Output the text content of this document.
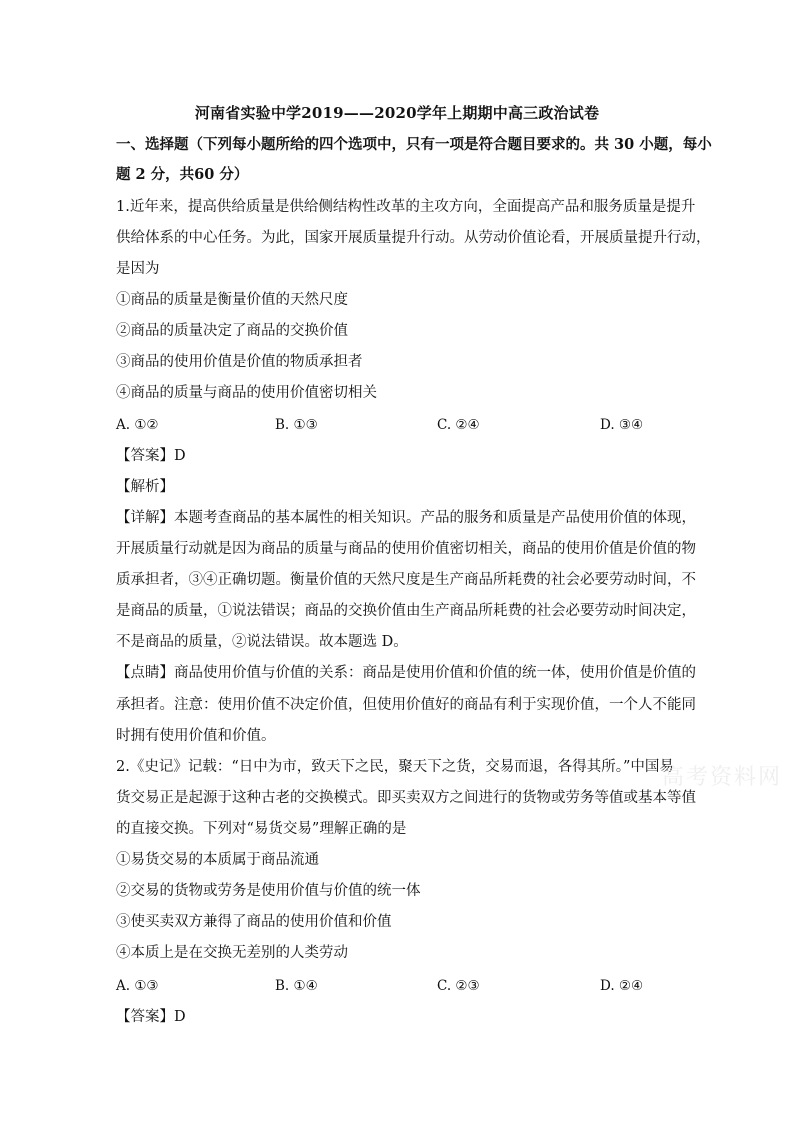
河南省实验中学2019——2020学年上期期中高三政治试卷
一、选择题（下列每小题所给的四个选项中，只有一项是符合题目要求的。共 30 小题，每小
题 2 分，共60 分）
1.近年来，提高供给质量是供给侧结构性改革的主攻方向，全面提高产品和服务质量是提升
供给体系的中心任务。为此，国家开展质量提升行动。从劳动价值论看，开展质量提升行动，
是因为
①商品的质量是衡量价值的天然尺度
②商品的质量决定了商品的交换价值
③商品的使用价值是价值的物质承担者
④商品的质量与商品的使用价值密切相关
A. ①②	B. ①③	C. ②④	D. ③④
【答案】D
【解析】
【详解】本题考查商品的基本属性的相关知识。产品的服务和质量是产品使用价值的体现，
开展质量行动就是因为商品的质量与商品的使用价值密切相关，商品的使用价值是价值的物
质承担者，③④正确切题。衡量价值的天然尺度是生产商品所耗费的社会必要劳动时间，不
是商品的质量，①说法错误；商品的交换价值由生产商品所耗费的社会必要劳动时间决定，
不是商品的质量，②说法错误。故本题选 D。
【点睛】商品使用价值与价值的关系：商品是使用价值和价值的统一体，使用价值是价值的
承担者。注意：使用价值不决定价值，但使用价值好的商品有利于实现价值，一个人不能同
时拥有使用价值和价值。
2.《史记》记载：“日中为市，致天下之民，聚天下之货，交易而退，各得其所。”中国易
货交易正是起源于这种古老的交换模式。即买卖双方之间进行的货物或劳务等值或基本等值
的直接交换。下列对“易货交易”理解正确的是
①易货交易的本质属于商品流通
②交易的货物或劳务是使用价值与价值的统一体
③使买卖双方兼得了商品的使用价值和价值
④本质上是在交换无差别的人类劳动
A. ①③	B. ①④	C. ②③	D. ②④
【答案】D
高考资料网
